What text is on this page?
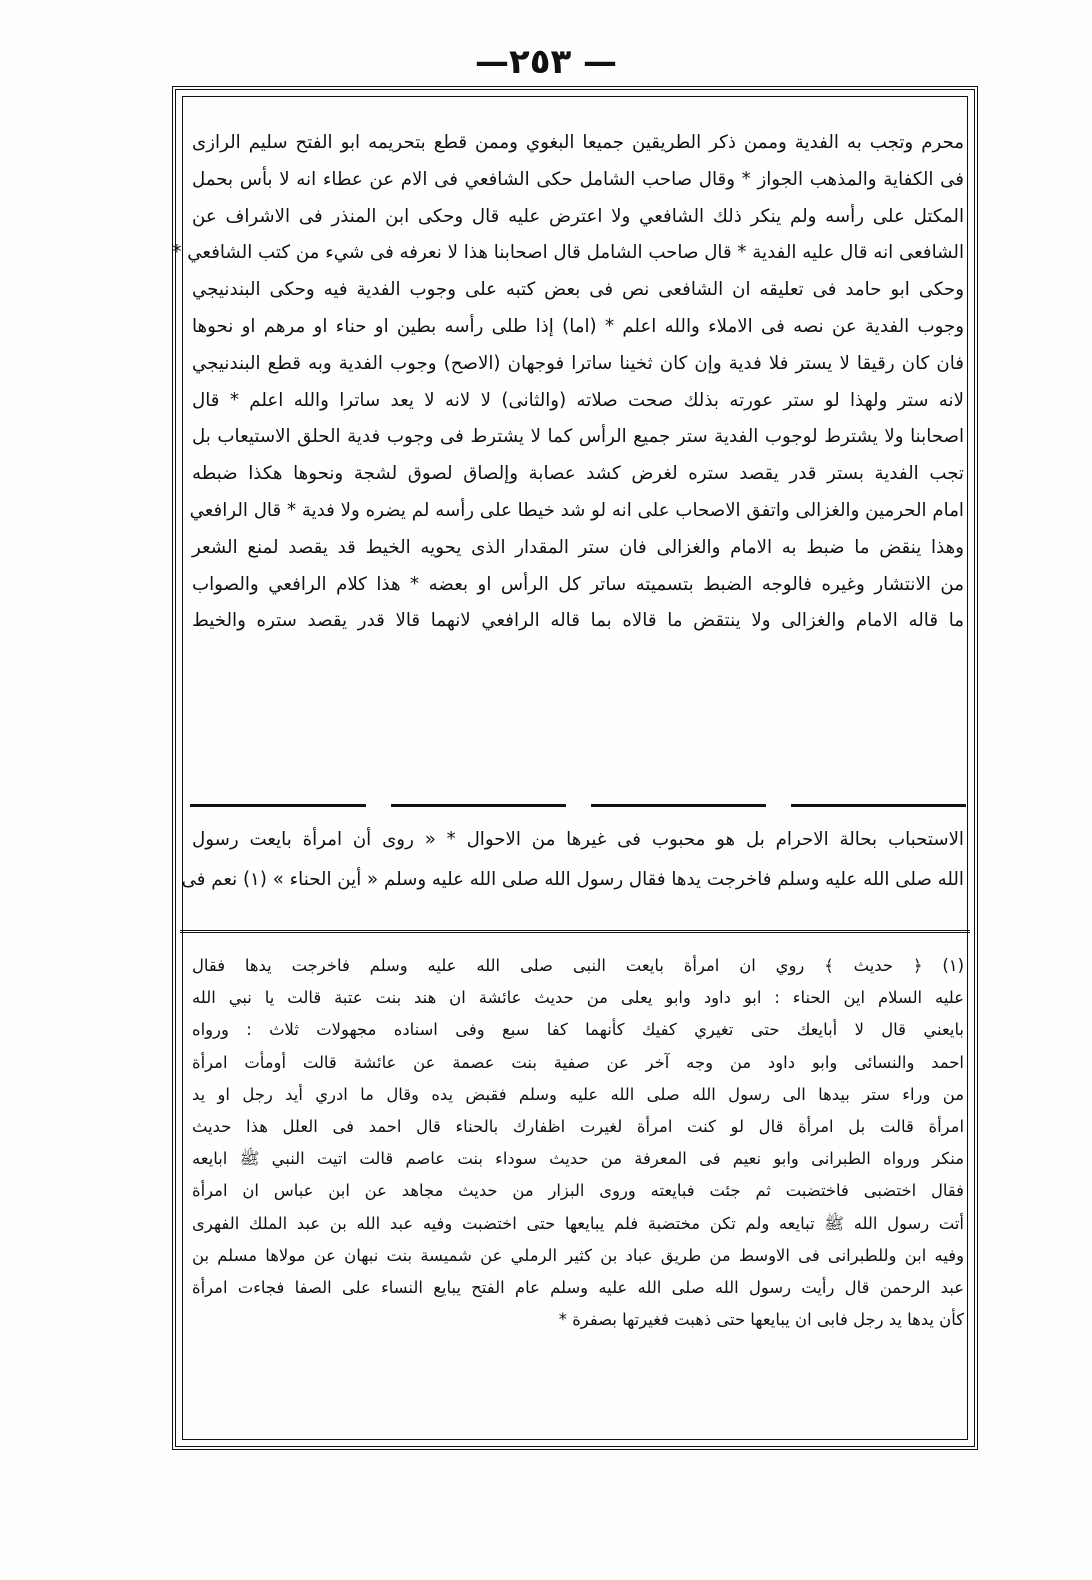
— ٢٥٣—

محرم وتجب به الفدية وممن ذكر الطريقين جميعا البغوي وممن قطع بتحريمه ابو الفتح سليم الرازى

فى الكفاية والمذهب الجواز * وقال صاحب الشامل حكى الشافعي فى الام عن عطاء انه لا بأس بحمل

المكتل على رأسه ولم ينكر ذلك الشافعي ولا اعترض عليه قال وحكى ابن المنذر فى الاشراف عن

الشافعى انه قال عليه الفدية * قال صاحب الشامل قال اصحابنا هذا لا نعرفه فى شيء من كتب الشافعي *

وحكى ابو حامد فى تعليقه ان الشافعى نص فى بعض كتبه على وجوب الفدية فيه وحكى البندنيجي

وجوب الفدية عن نصه فى الاملاء والله اعلم * (اما) إذا طلى رأسه بطين او حناء او مرهم او نحوها

فان كان رقيقا لا يستر فلا فدية وإن كان ثخينا ساترا فوجهان (الاصح) وجوب الفدية وبه قطع البندنيجي

لانه ستر ولهذا لو ستر عورته بذلك صحت صلاته (والثانى) لا لانه لا يعد ساترا والله اعلم * قال

اصحابنا ولا يشترط لوجوب الفدية ستر جميع الرأس كما لا يشترط فى وجوب فدية الحلق الاستيعاب بل

تجب الفدية بستر قدر يقصد ستره لغرض كشد عصابة وإلصاق لصوق لشجة ونحوها هكذا ضبطه

امام الحرمين والغزالى واتفق الاصحاب على انه لو شد خيطا على رأسه لم يضره ولا فدية * قال الرافعي

وهذا ينقض ما ضبط به الامام والغزالى فان ستر المقدار الذى يحويه الخيط قد يقصد لمنع الشعر

من الانتشار وغيره فالوجه الضبط بتسميته ساتر كل الرأس او بعضه * هذا كلام الرافعي والصواب

ما قاله الامام والغزالى ولا ينتقض ما قالاه بما قاله الرافعي لانهما قالا قدر يقصد ستره والخيط

الاستحباب بحالة الاحرام بل هو محبوب فى غيرها من الاحوال * « روى أن امرأة بايعت رسول

الله صلى الله عليه وسلم فاخرجت يدها فقال رسول الله صلى الله عليه وسلم « أين الحناء » (١) نعم فى

(١) ﴿ حديث ﴾ روي ان امرأة بايعت النبى صلى الله عليه وسلم فاخرجت يدها فقال

عليه السلام اين الحناء : ابو داود وابو يعلى من حديث عائشة ان هند بنت عتبة قالت يا نبي الله

بايعني قال لا أبايعك حتى تغيري كفيك كأنهما كفا سبع وفى اسناده مجهولات ثلاث : ورواه

احمد والنسائى وابو داود من وجه آخر عن صفية بنت عصمة عن عائشة قالت أومأت امرأة

من وراء ستر بيدها الى رسول الله صلى الله عليه وسلم فقبض يده وقال ما ادري أيد رجل او يد

امرأة قالت بل امرأة قال لو كنت امرأة لغيرت اظفارك بالحناء قال احمد فى العلل هذا حديث

منكر ورواه الطبرانى وابو نعيم فى المعرفة من حديث سوداء بنت عاصم قالت اتيت النبي ﷺ ابايعه

فقال اختضبى فاختضبت ثم جئت فبايعته وروى البزار من حديث مجاهد عن ابن عباس ان امرأة

أتت رسول الله ﷺ تبايعه ولم تكن مختضبة فلم يبايعها حتى اختضبت وفيه عبد الله بن عبد الملك الفهرى

وفيه ابن وللطبرانى فى الاوسط من طريق عباد بن كثير الرملي عن شميسة بنت نبهان عن مولاها مسلم بن

عبد الرحمن قال رأيت رسول الله صلى الله عليه وسلم عام الفتح يبايع النساء على الصفا فجاءت امرأة

كأن يدها يد رجل فابى ان يبايعها حتى ذهبت فغيرتها بصفرة *
